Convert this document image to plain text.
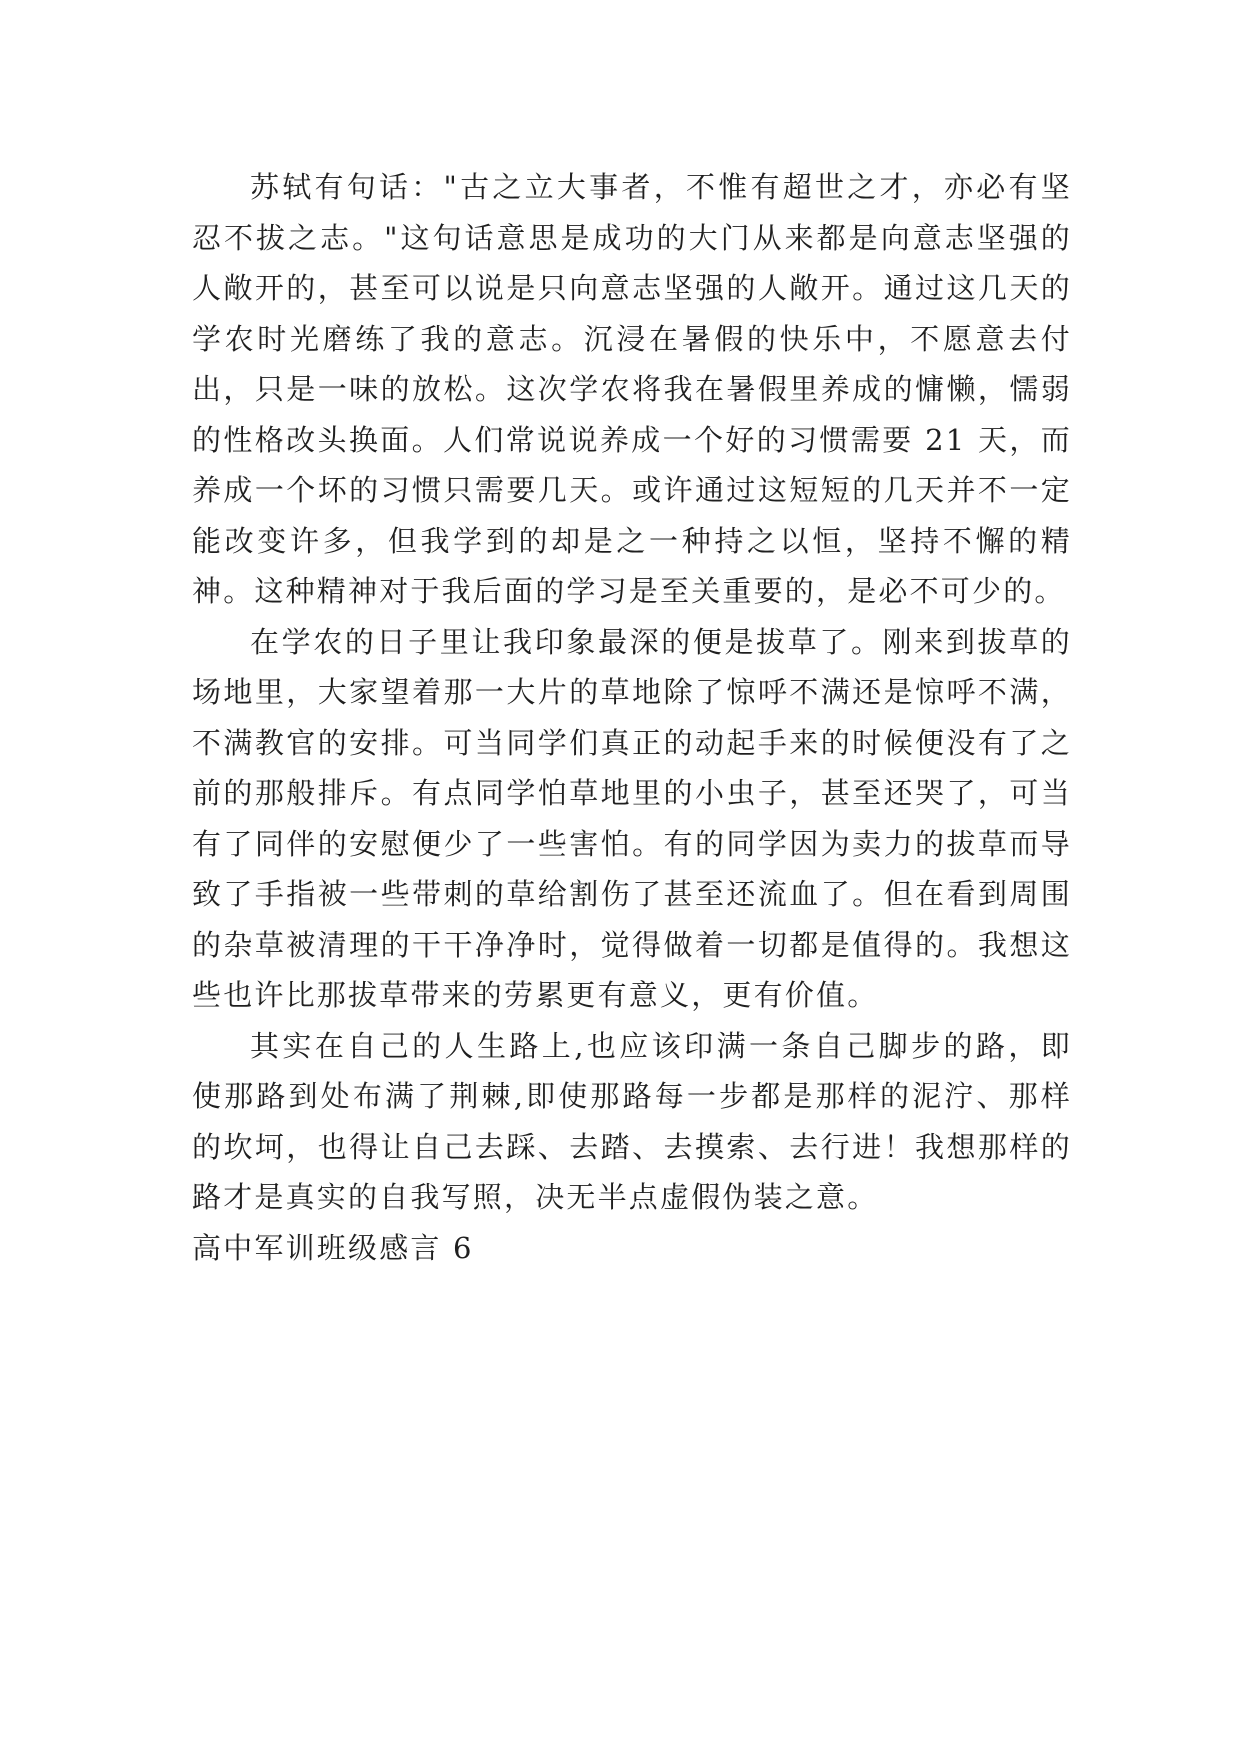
苏轼有句话："古之立大事者，不惟有超世之才，亦必有坚忍不拔之志。"这句话意思是成功的大门从来都是向意志坚强的人敞开的，甚至可以说是只向意志坚强的人敞开。通过这几天的学农时光磨练了我的意志。沉浸在暑假的快乐中，不愿意去付出，只是一味的放松。这次学农将我在暑假里养成的慵懒，懦弱的性格改头换面。人们常说说养成一个好的习惯需要 21 天，而养成一个坏的习惯只需要几天。或许通过这短短的几天并不一定能改变许多，但我学到的却是之一种持之以恒，坚持不懈的精神。这种精神对于我后面的学习是至关重要的，是必不可少的。

在学农的日子里让我印象最深的便是拔草了。刚来到拔草的场地里，大家望着那一大片的草地除了惊呼不满还是惊呼不满，不满教官的安排。可当同学们真正的动起手来的时候便没有了之前的那般排斥。有点同学怕草地里的小虫子，甚至还哭了，可当有了同伴的安慰便少了一些害怕。有的同学因为卖力的拔草而导致了手指被一些带刺的草给割伤了甚至还流血了。但在看到周围的杂草被清理的干干净净时，觉得做着一切都是值得的。我想这些也许比那拔草带来的劳累更有意义，更有价值。

其实在自己的人生路上,也应该印满一条自己脚步的路，即使那路到处布满了荆棘,即使那路每一步都是那样的泥泞、那样的坎坷，也得让自己去踩、去踏、去摸索、去行进！我想那样的路才是真实的自我写照，决无半点虚假伪装之意。

高中军训班级感言 6
